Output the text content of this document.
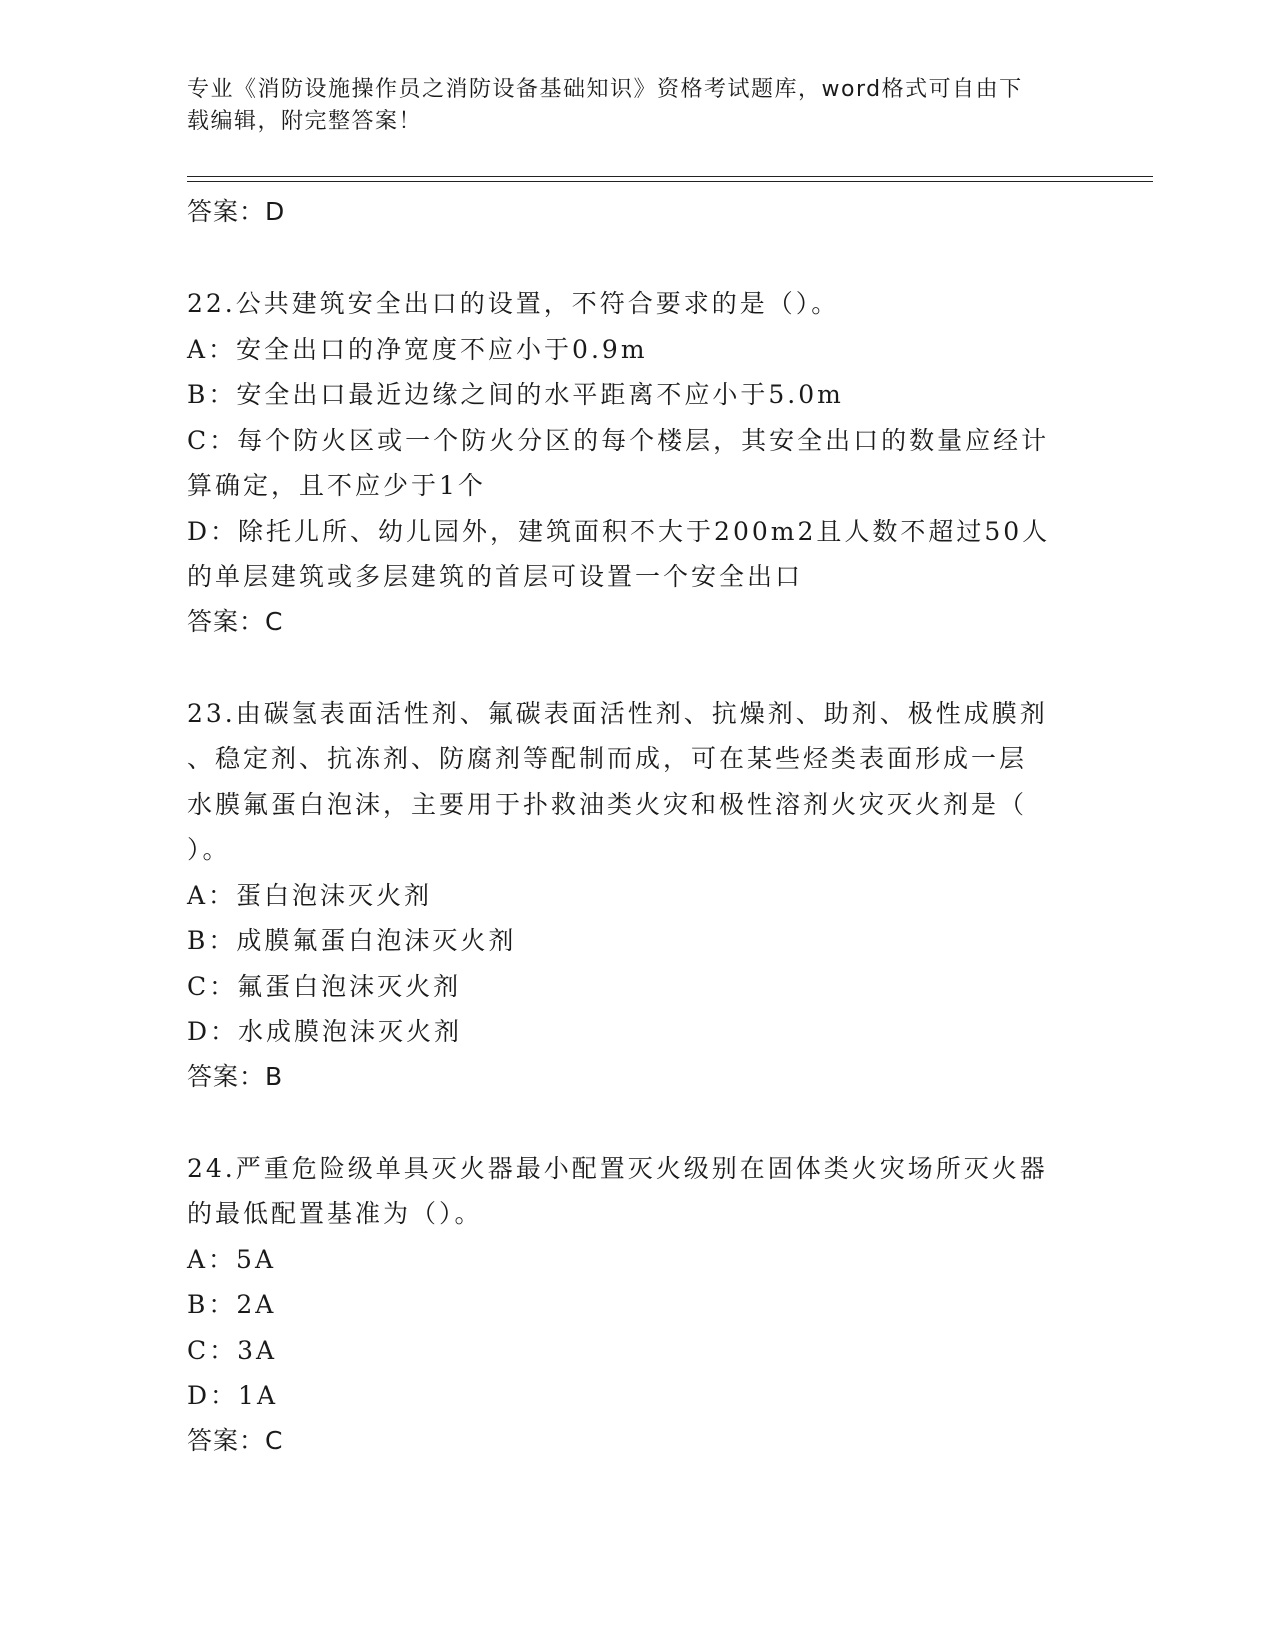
专业《消防设施操作员之消防设备基础知识》资格考试题库，word格式可自由下
载编辑，附完整答案！
答案：D
22.公共建筑安全出口的设置，不符合要求的是（）。
A：安全出口的净宽度不应小于0.9m
B：安全出口最近边缘之间的水平距离不应小于5.0m
C：每个防火区或一个防火分区的每个楼层，其安全出口的数量应经计
算确定，且不应少于1个
D：除托儿所、幼儿园外，建筑面积不大于200m2且人数不超过50人
的单层建筑或多层建筑的首层可设置一个安全出口
答案：C
23.由碳氢表面活性剂、氟碳表面活性剂、抗燥剂、助剂、极性成膜剂
、稳定剂、抗冻剂、防腐剂等配制而成，可在某些烃类表面形成一层
水膜氟蛋白泡沫，主要用于扑救油类火灾和极性溶剂火灾灭火剂是（
）。
A：蛋白泡沫灭火剂
B：成膜氟蛋白泡沫灭火剂
C：氟蛋白泡沫灭火剂
D：水成膜泡沫灭火剂
答案：B
24.严重危险级单具灭火器最小配置灭火级别在固体类火灾场所灭火器
的最低配置基准为（）。
A：5A
B：2A
C：3A
D：1A
答案：C
